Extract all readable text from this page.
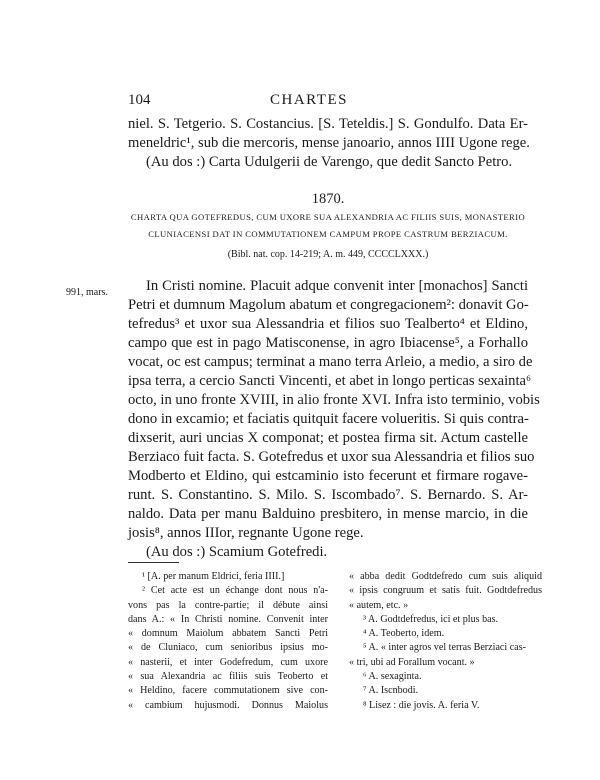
104	CHARTES
niel. S. Tetgerio. S. Costancius. [S. Teteldis.] S. Gondulfo. Data Er-
meneldric¹, sub die mercoris, mense janoario, annos IIII Ugone rege.
(Au dos :) Carta Udulgerii de Varengo, que dedit Sancto Petro.
1870.
CHARTA QUA GOTEFREDUS, CUM UXORE SUA ALEXANDRIA AC FILIIS SUIS, MONASTERIO
CLUNIACENSI DAT IN COMMUTATIONEM CAMPUM PROPE CASTRUM BERZIACUM.
(Bibl. nat. cop. 14-219; A. m. 449, CCCCLXXX.)
991, mars.	In Cristi nomine. Placuit adque convenit inter [monachos] Sancti
Petri et dumnum Magolum abatum et congregacionem²: donavit Go-
tefredus³ et uxor sua Alessandria et filios suo Tealberto⁴ et Eldino,
campo que est in pago Matisconense, in agro Ibiacense⁵, a Forhallo
vocat, oc est campus; terminat a mano terra Arleio, a medio, a siro de
ipsa terra, a cercio Sancti Vincenti, et abet in longo perticas sexainta⁶
octo, in uno fronte XVIII, in alio fronte XVI. Infra isto terminio, vobis
dono in excamio; et faciatis quitquit facere volueritis. Si quis contra-
dixserit, auri uncias X componat; et postea firma sit. Actum castelle
Berziaco fuit facta. S. Gotefredus et uxor sua Alessandria et filios suo
Modberto et Eldino, qui estcaminio isto fecerunt et firmare rogave-
runt. S. Constantino. S. Milo. S. Iscombado⁷. S. Bernardo. S. Ar-
naldo. Data per manu Balduino presbitero, in mense marcio, in die
josis⁸, annos IIIor, regnante Ugone rege.
(Au dos :) Scamium Gotefredi.
¹ [A. per manum Eldrici, feria IIII.]
² Cet acte est un échange dont nous n'a-
vons pas la contre-partie; il débute ainsi
dans A.: « In Christi nomine. Convenit inter
« domnum Maiolum abbatem Sancti Petri
« de Cluniaco, cum senioribus ipsius mo-
« nasterii, et inter Godefredum, cum uxore
« sua Alexandria ac filiis suis Teoberto et
« Heldino, facere commutationem sive con-
« cambium hujusmodi. Donnus Maiolus
« abba dedit Godtdefredo cum suis aliquid
« ipsis congruum et satis fuit. Godtdefredus
« autem, etc. »
³ A. Godtdefredus, ici et plus bas.
⁴ A. Teoberto, idem.
⁵ A. « inter agros vel terras Berziaci cas-
« tri, ubi ad Forallum vocant. »
⁶ A. sexaginta.
⁷ A. Iscnbodi.
⁸ Lisez : die jovis. A. feria V.
